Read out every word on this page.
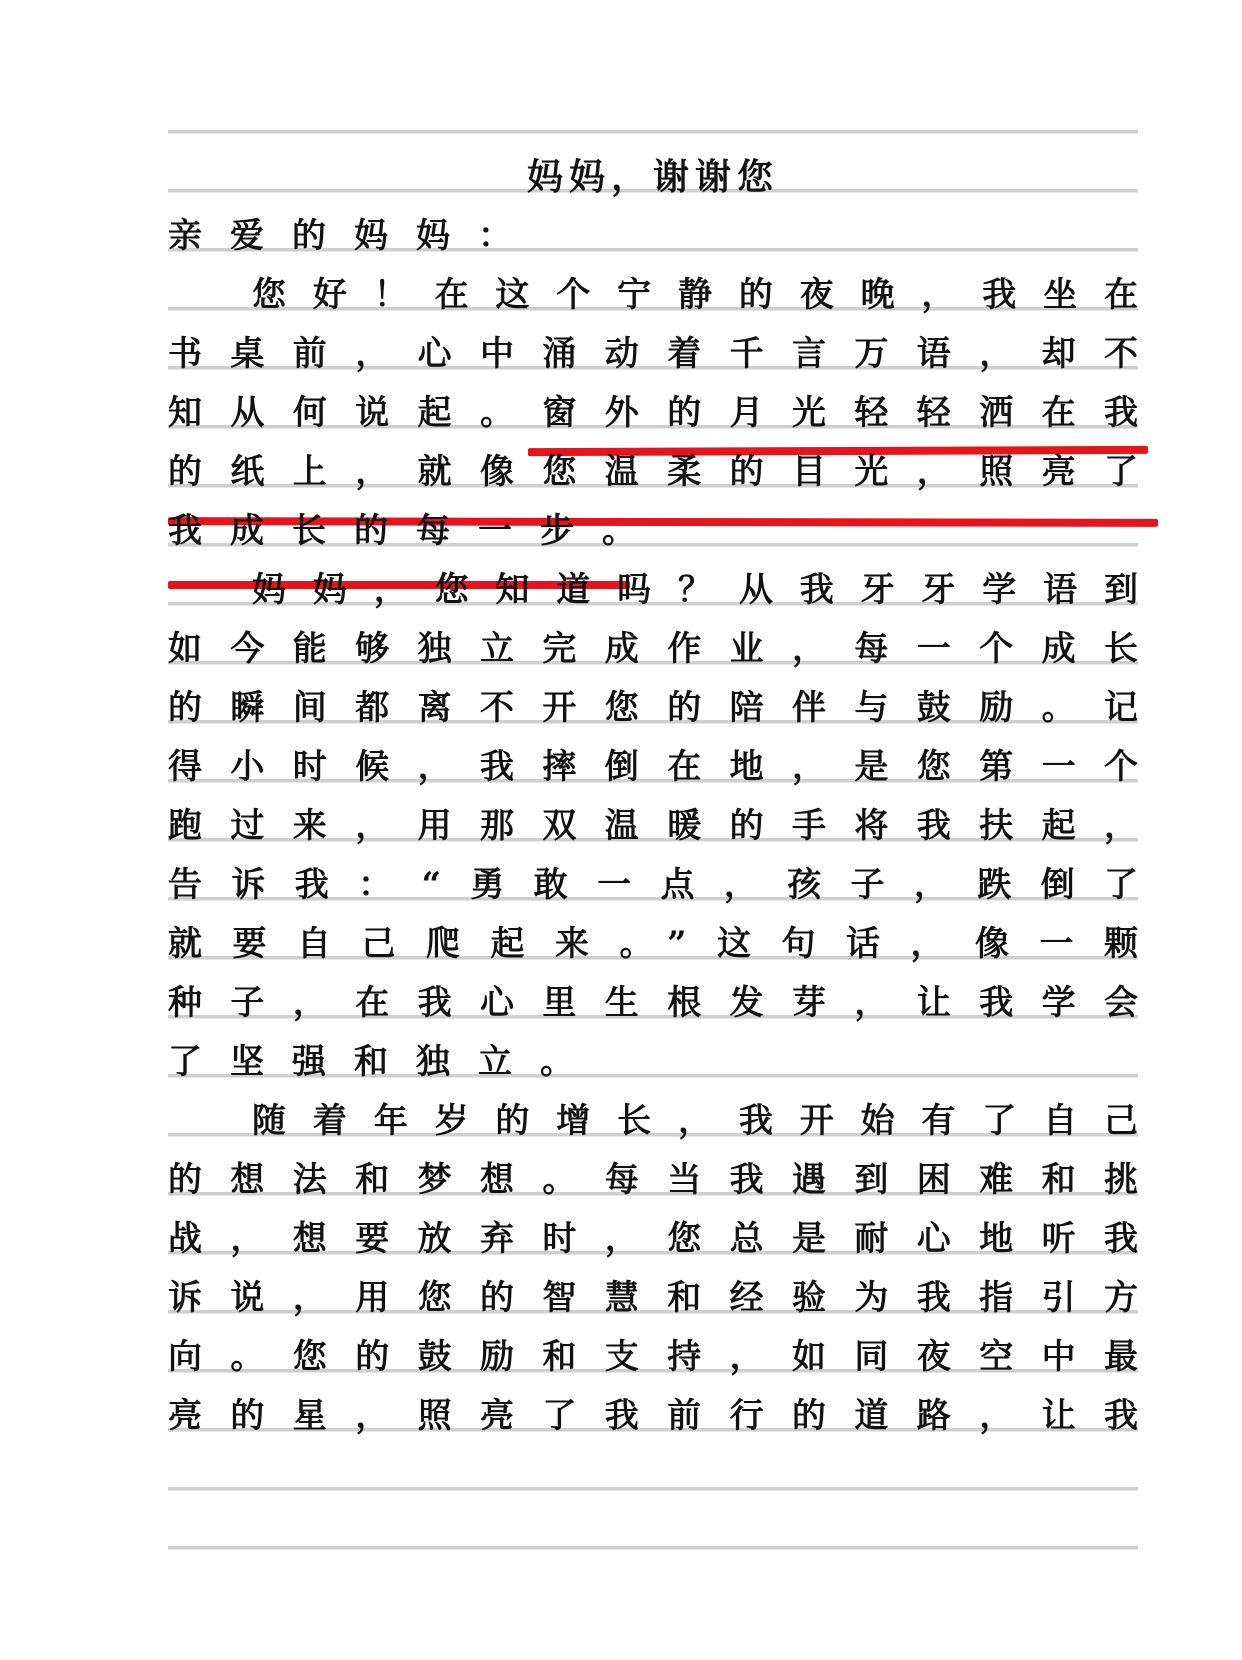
妈妈，谢谢您
亲爱的妈妈：
您好！在这个宁静的夜晚，我坐在
书桌前，心中涌动着千言万语，却不
知从何说起。窗外的月光轻轻洒在我
的纸上，就像您温柔的目光，照亮了
我成长的每一步。
妈妈，您知道吗？从我牙牙学语到
如今能够独立完成作业，每一个成长
的瞬间都离不开您的陪伴与鼓励。记
得小时候，我摔倒在地，是您第一个
跑过来，用那双温暖的手将我扶起，
告诉我：“勇敢一点，孩子，跌倒了
就要自己爬起来。”这句话，像一颗
种子，在我心里生根发芽，让我学会
了坚强和独立。
随着年岁的增长，我开始有了自己
的想法和梦想。每当我遇到困难和挑
战，想要放弃时，您总是耐心地听我
诉说，用您的智慧和经验为我指引方
向。您的鼓励和支持，如同夜空中最
亮的星，照亮了我前行的道路，让我
